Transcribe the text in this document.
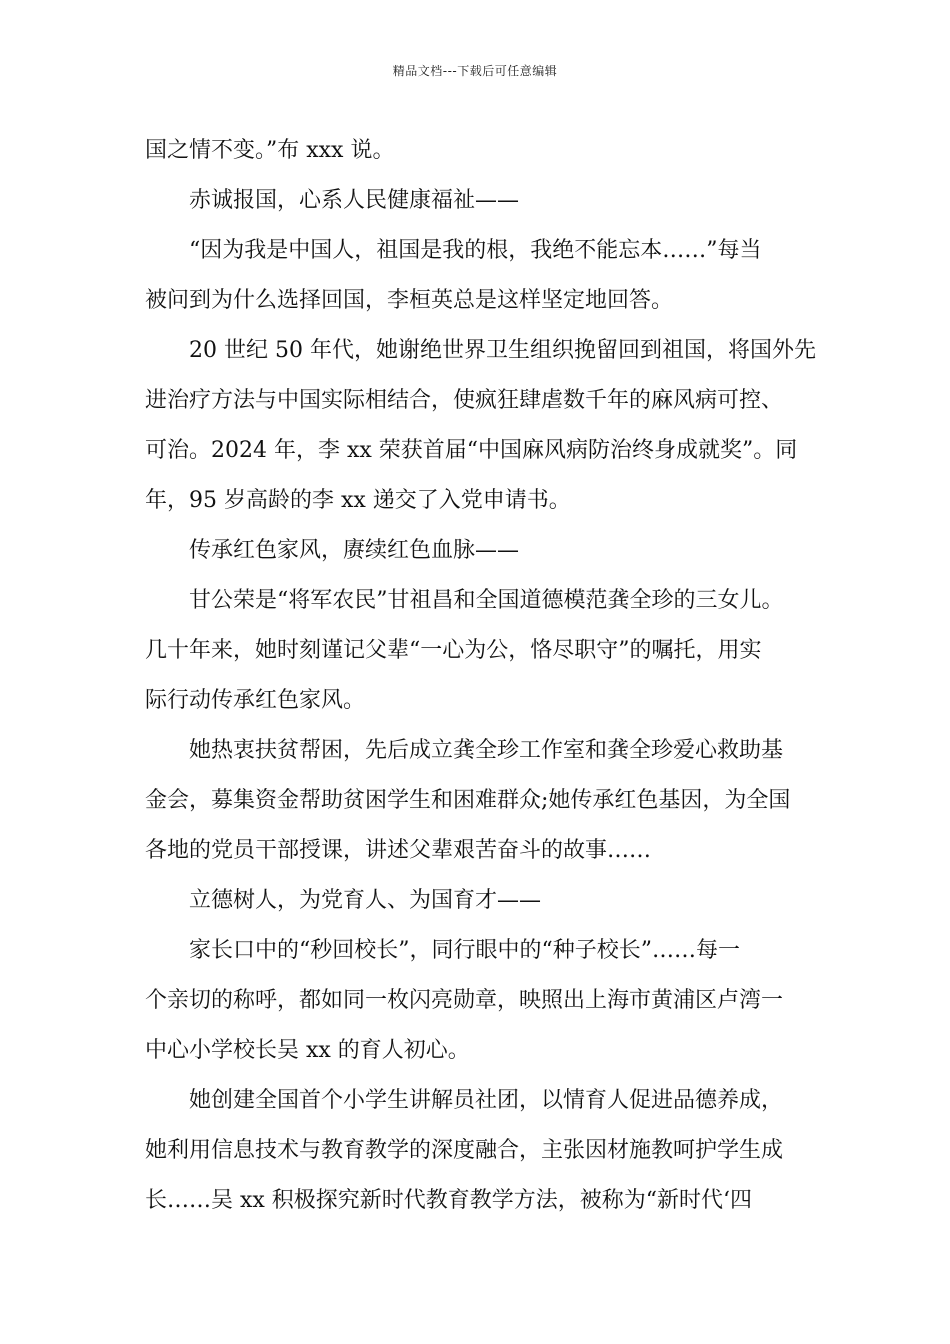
精品文档---下载后可任意编辑
国之情不变。”布 xxx 说。
赤诚报国，心系人民健康福祉——
“因为我是中国人，祖国是我的根，我绝不能忘本……”每当
被问到为什么选择回国，李桓英总是这样坚定地回答。
20 世纪 50 年代，她谢绝世界卫生组织挽留回到祖国，将国外先
进治疗方法与中国实际相结合，使疯狂肆虐数千年的麻风病可控、
可治。2024 年，李 xx 荣获首届“中国麻风病防治终身成就奖”。同
年，95 岁高龄的李 xx 递交了入党申请书。
传承红色家风，赓续红色血脉——
甘公荣是“将军农民”甘祖昌和全国道德模范龚全珍的三女儿。
几十年来，她时刻谨记父辈“一心为公，恪尽职守”的嘱托，用实
际行动传承红色家风。
她热衷扶贫帮困，先后成立龚全珍工作室和龚全珍爱心救助基
金会，募集资金帮助贫困学生和困难群众;她传承红色基因，为全国
各地的党员干部授课，讲述父辈艰苦奋斗的故事……
立德树人，为党育人、为国育才——
家长口中的“秒回校长”，同行眼中的“种子校长”……每一
个亲切的称呼，都如同一枚闪亮勋章，映照出上海市黄浦区卢湾一
中心小学校长吴 xx 的育人初心。
她创建全国首个小学生讲解员社团，以情育人促进品德养成，
她利用信息技术与教育教学的深度融合，主张因材施教呵护学生成
长……吴 xx 积极探究新时代教育教学方法，被称为“新时代‘四
